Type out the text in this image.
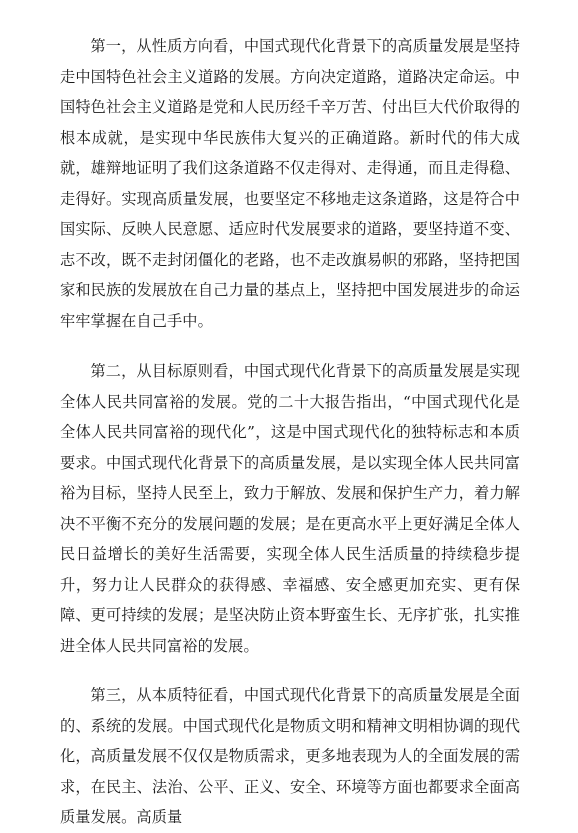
第一，从性质方向看，中国式现代化背景下的高质量发展是坚持走中国特色社会主义道路的发展。方向决定道路，道路决定命运。中国特色社会主义道路是党和人民历经千辛万苦、付出巨大代价取得的根本成就，是实现中华民族伟大复兴的正确道路。新时代的伟大成就，雄辩地证明了我们这条道路不仅走得对、走得通，而且走得稳、走得好。实现高质量发展，也要坚定不移地走这条道路，这是符合中国实际、反映人民意愿、适应时代发展要求的道路，要坚持道不变、志不改，既不走封闭僵化的老路，也不走改旗易帜的邪路，坚持把国家和民族的发展放在自己力量的基点上，坚持把中国发展进步的命运牢牢掌握在自己手中。

第二，从目标原则看，中国式现代化背景下的高质量发展是实现全体人民共同富裕的发展。党的二十大报告指出，“中国式现代化是全体人民共同富裕的现代化”，这是中国式现代化的独特标志和本质要求。中国式现代化背景下的高质量发展，是以实现全体人民共同富裕为目标，坚持人民至上，致力于解放、发展和保护生产力，着力解决不平衡不充分的发展问题的发展；是在更高水平上更好满足全体人民日益增长的美好生活需要，实现全体人民生活质量的持续稳步提升，努力让人民群众的获得感、幸福感、安全感更加充实、更有保障、更可持续的发展；是坚决防止资本野蛮生长、无序扩张，扎实推进全体人民共同富裕的发展。

第三，从本质特征看，中国式现代化背景下的高质量发展是全面的、系统的发展。中国式现代化是物质文明和精神文明相协调的现代化，高质量发展不仅仅是物质需求，更多地表现为人的全面发展的需求，在民主、法治、公平、正义、安全、环境等方面也都要求全面高质量发展。高质量
